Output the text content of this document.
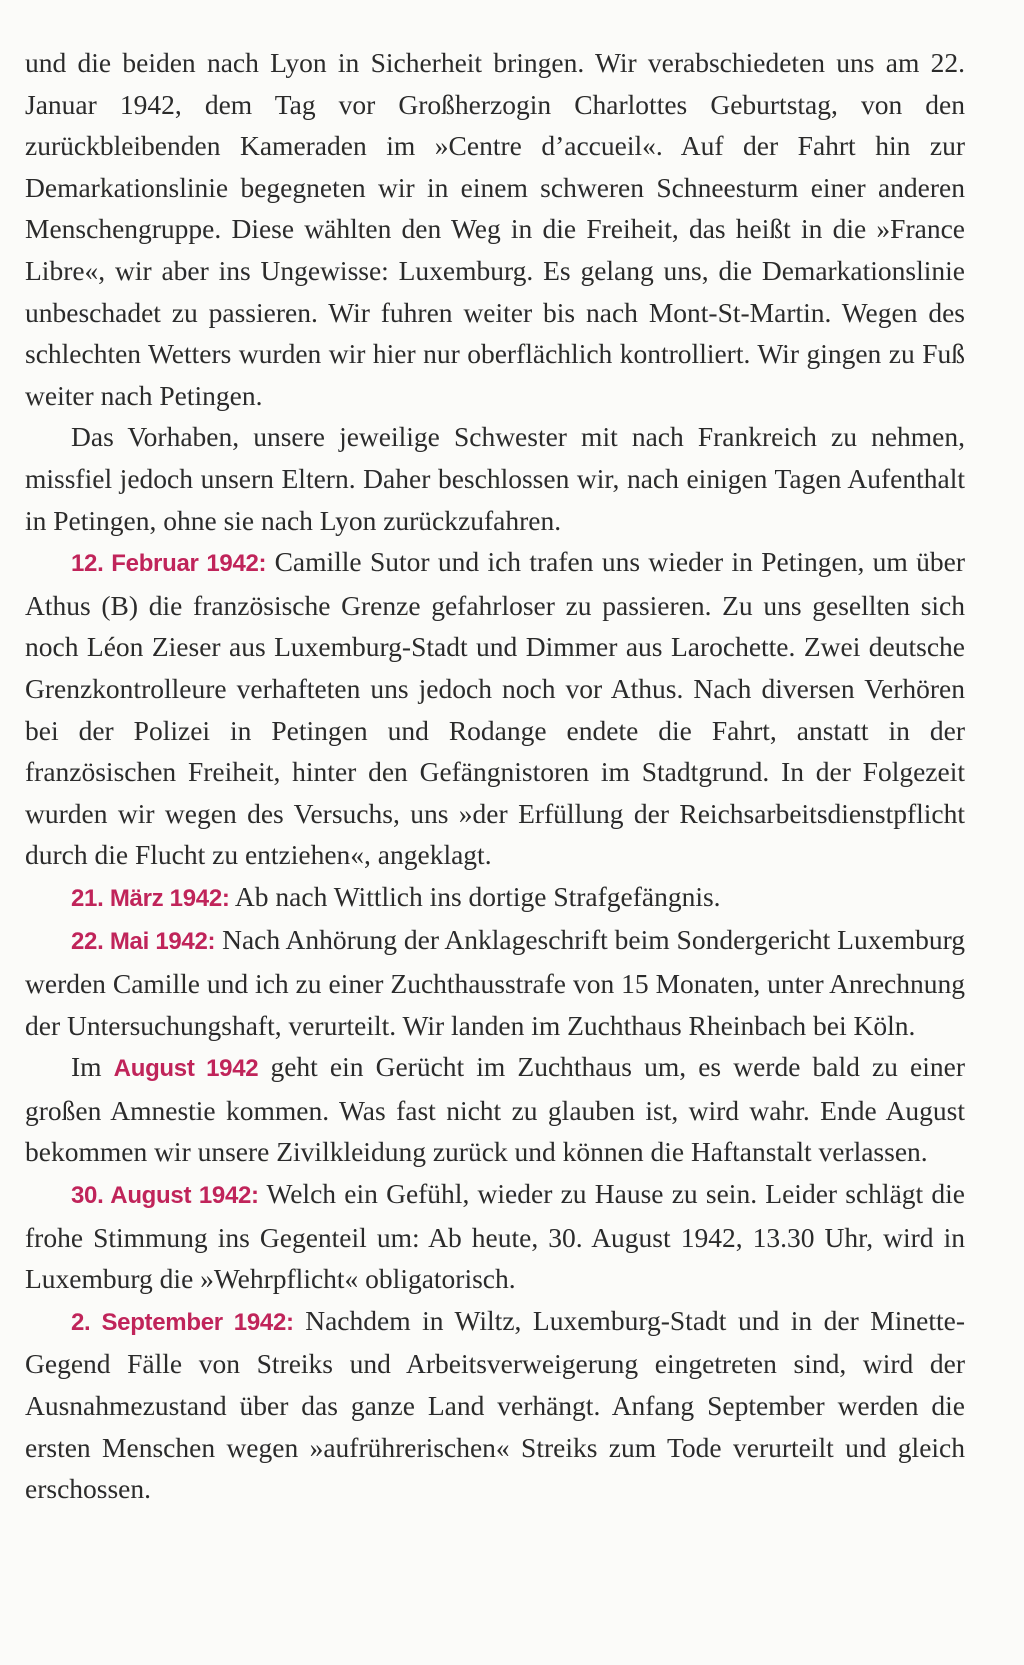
und die beiden nach Lyon in Sicherheit bringen. Wir verabschiedeten uns am 22. Januar 1942, dem Tag vor Großherzogin Charlottes Geburtstag, von den zurückbleibenden Kameraden im »Centre d’accueil«. Auf der Fahrt hin zur Demarkationslinie begegneten wir in einem schweren Schneesturm einer anderen Menschengruppe. Diese wählten den Weg in die Freiheit, das heißt in die »France Libre«, wir aber ins Ungewisse: Luxemburg. Es gelang uns, die Demarkationslinie unbeschadet zu passieren. Wir fuhren weiter bis nach Mont-St-Martin. Wegen des schlechten Wetters wurden wir hier nur oberflächlich kontrolliert. Wir gingen zu Fuß weiter nach Petingen.

Das Vorhaben, unsere jeweilige Schwester mit nach Frankreich zu nehmen, missfiel jedoch unsern Eltern. Daher beschlossen wir, nach einigen Tagen Aufenthalt in Petingen, ohne sie nach Lyon zurückzufahren.

12. Februar 1942: Camille Sutor und ich trafen uns wieder in Petingen, um über Athus (B) die französische Grenze gefahrloser zu passieren. Zu uns gesellten sich noch Léon Zieser aus Luxemburg-Stadt und Dimmer aus Larochette. Zwei deutsche Grenzkontrolleure verhafteten uns jedoch noch vor Athus. Nach diversen Verhören bei der Polizei in Petingen und Rodange endete die Fahrt, anstatt in der französischen Freiheit, hinter den Gefängnistoren im Stadtgrund. In der Folgezeit wurden wir wegen des Versuchs, uns »der Erfüllung der Reichsarbeitsdienstpflicht durch die Flucht zu entziehen«, angeklagt.

21. März 1942: Ab nach Wittlich ins dortige Strafgefängnis.

22. Mai 1942: Nach Anhörung der Anklageschrift beim Sondergericht Luxemburg werden Camille und ich zu einer Zuchthausstrafe von 15 Monaten, unter Anrechnung der Untersuchungshaft, verurteilt. Wir landen im Zuchthaus Rheinbach bei Köln.

Im August 1942 geht ein Gerücht im Zuchthaus um, es werde bald zu einer großen Amnestie kommen. Was fast nicht zu glauben ist, wird wahr. Ende August bekommen wir unsere Zivilkleidung zurück und können die Haftanstalt verlassen.

30. August 1942: Welch ein Gefühl, wieder zu Hause zu sein. Leider schlägt die frohe Stimmung ins Gegenteil um: Ab heute, 30. August 1942, 13.30 Uhr, wird in Luxemburg die »Wehrpflicht« obligatorisch.

2. September 1942: Nachdem in Wiltz, Luxemburg-Stadt und in der Minette-Gegend Fälle von Streiks und Arbeitsverweigerung eingetreten sind, wird der Ausnahmezustand über das ganze Land verhängt. Anfang September werden die ersten Menschen wegen »aufrührerischen« Streiks zum Tode verurteilt und gleich erschossen.
